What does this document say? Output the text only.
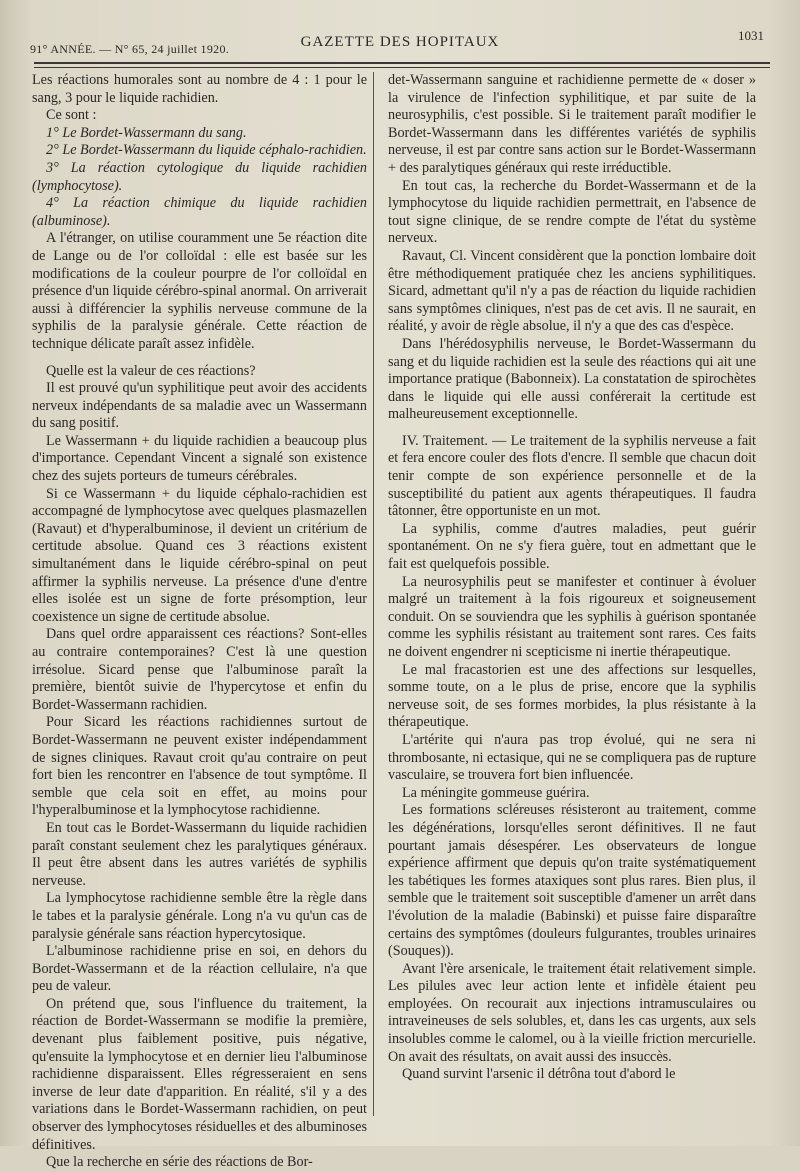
91° ANNÉE. — N° 65, 24 juillet 1920.	GAZETTE DES HOPITAUX	1031

Les réactions humorales sont au nombre de 4 : 1 pour le sang, 3 pour le liquide rachidien.

Ce sont :

1° Le Bordet-Wassermann du sang.

2° Le Bordet-Wassermann du liquide céphalo-rachidien.

3° La réaction cytologique du liquide rachidien (lymphocytose).

4° La réaction chimique du liquide rachidien (albuminose).

A l'étranger, on utilise couramment une 5e réaction dite de Lange ou de l'or colloïdal : elle est basée sur les modifications de la couleur pourpre de l'or colloïdal en présence d'un liquide cérébro-spinal anormal. On arriverait aussi à différencier la syphilis nerveuse commune de la syphilis de la paralysie générale. Cette réaction de technique délicate paraît assez infidèle.

Quelle est la valeur de ces réactions?

Il est prouvé qu'un syphilitique peut avoir des accidents nerveux indépendants de sa maladie avec un Wassermann du sang positif.

Le Wassermann + du liquide rachidien a beaucoup plus d'importance. Cependant Vincent a signalé son existence chez des sujets porteurs de tumeurs cérébrales.

Si ce Wassermann + du liquide céphalo-rachidien est accompagné de lymphocytose avec quelques plasmazellen (Ravaut) et d'hyperalbuminose, il devient un critérium de certitude absolue. Quand ces 3 réactions existent simultanément dans le liquide cérébro-spinal on peut affirmer la syphilis nerveuse. La présence d'une d'entre elles isolée est un signe de forte présomption, leur coexistence un signe de certitude absolue.

Dans quel ordre apparaissent ces réactions? Sont-elles au contraire contemporaines? C'est là une question irrésolue. Sicard pense que l'albuminose paraît la première, bientôt suivie de l'hypercytose et enfin du Bordet-Wassermann rachidien.

Pour Sicard les réactions rachidiennes surtout de Bordet-Wassermann ne peuvent exister indépendamment de signes cliniques. Ravaut croit qu'au contraire on peut fort bien les rencontrer en l'absence de tout symptôme. Il semble que cela soit en effet, au moins pour l'hyperalbuminose et la lymphocytose rachidienne.

En tout cas le Bordet-Wassermann du liquide rachidien paraît constant seulement chez les paralytiques généraux. Il peut être absent dans les autres variétés de syphilis nerveuse.

La lymphocytose rachidienne semble être la règle dans le tabes et la paralysie générale. Long n'a vu qu'un cas de paralysie générale sans réaction hypercytosique.

L'albuminose rachidienne prise en soi, en dehors du Bordet-Wassermann et de la réaction cellulaire, n'a que peu de valeur.

On prétend que, sous l'influence du traitement, la réaction de Bordet-Wassermann se modifie la première, devenant plus faiblement positive, puis négative, qu'ensuite la lymphocytose et en dernier lieu l'albuminose rachidienne disparaissent. Elles régresseraient en sens inverse de leur date d'apparition. En réalité, s'il y a des variations dans le Bordet-Wassermann rachidien, on peut observer des lymphocytoses résiduelles et des albuminoses définitives.

Que la recherche en série des réactions de Bor-

det-Wassermann sanguine et rachidienne permette de « doser » la virulence de l'infection syphilitique, et par suite de la neurosyphilis, c'est possible. Si le traitement paraît modifier le Bordet-Wassermann dans les différentes variétés de syphilis nerveuse, il est par contre sans action sur le Bordet-Wassermann + des paralytiques généraux qui reste irréductible.

En tout cas, la recherche du Bordet-Wassermann et de la lymphocytose du liquide rachidien permettrait, en l'absence de tout signe clinique, de se rendre compte de l'état du système nerveux.

Ravaut, Cl. Vincent considèrent que la ponction lombaire doit être méthodiquement pratiquée chez les anciens syphilitiques. Sicard, admettant qu'il n'y a pas de réaction du liquide rachidien sans symptômes cliniques, n'est pas de cet avis. Il ne saurait, en réalité, y avoir de règle absolue, il n'y a que des cas d'espèce.

Dans l'hérédosyphilis nerveuse, le Bordet-Wassermann du sang et du liquide rachidien est la seule des réactions qui ait une importance pratique (Babonneix). La constatation de spirochètes dans le liquide qui elle aussi conférerait la certitude est malheureusement exceptionnelle.

IV. Traitement. — Le traitement de la syphilis nerveuse a fait et fera encore couler des flots d'encre. Il semble que chacun doit tenir compte de son expérience personnelle et de la susceptibilité du patient aux agents thérapeutiques. Il faudra tâtonner, être opportuniste en un mot.

La syphilis, comme d'autres maladies, peut guérir spontanément. On ne s'y fiera guère, tout en admettant que le fait est quelquefois possible.

La neurosyphilis peut se manifester et continuer à évoluer malgré un traitement à la fois rigoureux et soigneusement conduit. On se souviendra que les syphilis à guérison spontanée comme les syphilis résistant au traitement sont rares. Ces faits ne doivent engendrer ni scepticisme ni inertie thérapeutique.

Le mal fracastorien est une des affections sur lesquelles, somme toute, on a le plus de prise, encore que la syphilis nerveuse soit, de ses formes morbides, la plus résistante à la thérapeutique.

L'artérite qui n'aura pas trop évolué, qui ne sera ni thrombosante, ni ectasique, qui ne se compliquera pas de rupture vasculaire, se trouvera fort bien influencée.

La méningite gommeuse guérira.

Les formations scléreuses résisteront au traitement, comme les dégénérations, lorsqu'elles seront définitives. Il ne faut pourtant jamais désespérer. Les observateurs de longue expérience affirment que depuis qu'on traite systématiquement les tabétiques les formes ataxiques sont plus rares. Bien plus, il semble que le traitement soit susceptible d'amener un arrêt dans l'évolution de la maladie (Babinski) et puisse faire disparaître certains des symptômes (douleurs fulgurantes, troubles urinaires (Souques)).

Avant l'ère arsenicale, le traitement était relativement simple. Les pilules avec leur action lente et infidèle étaient peu employées. On recourait aux injections intramusculaires ou intraveineuses de sels solubles, et, dans les cas urgents, aux sels insolubles comme le calomel, ou à la vieille friction mercurielle. On avait des résultats, on avait aussi des insuccès.

Quand survint l'arsenic il détrôna tout d'abord le
